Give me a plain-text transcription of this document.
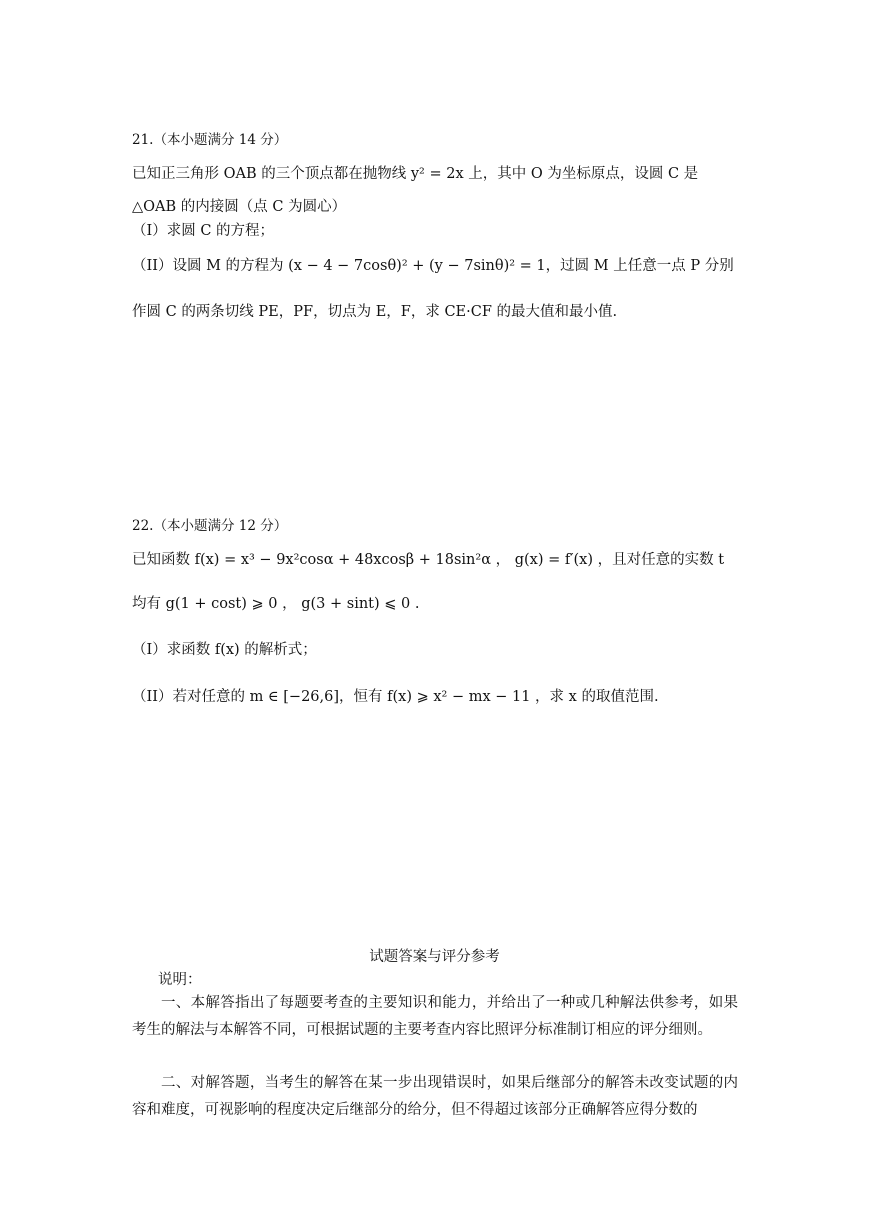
21.（本小题满分 14 分）
已知正三角形 OAB 的三个顶点都在抛物线 y² = 2x 上，其中 O 为坐标原点，设圆 C 是
△OAB 的内接圆（点 C 为圆心）
（I）求圆 C 的方程；
（II）设圆 M 的方程为 (x − 4 − 7cosθ)² + (y − 7sinθ)² = 1，过圆 M 上任意一点 P 分别
作圆 C 的两条切线 PE，PF，切点为 E，F，求 CE·CF 的最大值和最小值.
22.（本小题满分 12 分）
已知函数 f(x) = x³ − 9x²cosα + 48xcosβ + 18sin²α ， g(x) = f′(x) ，且对任意的实数 t
均有 g(1 + cost) ⩾ 0 ， g(3 + sint) ⩽ 0 .
（I）求函数 f(x) 的解析式；
（II）若对任意的 m ∈ [−26,6]，恒有 f(x) ⩾ x² − mx − 11 ，求 x 的取值范围.
试题答案与评分参考
说明：
一、本解答指出了每题要考查的主要知识和能力，并给出了一种或几种解法供参考，如果考生的解法与本解答不同，可根据试题的主要考查内容比照评分标准制订相应的评分细则。
二、对解答题，当考生的解答在某一步出现错误时，如果后继部分的解答未改变试题的内容和难度，可视影响的程度决定后继部分的给分，但不得超过该部分正确解答应得分数的
